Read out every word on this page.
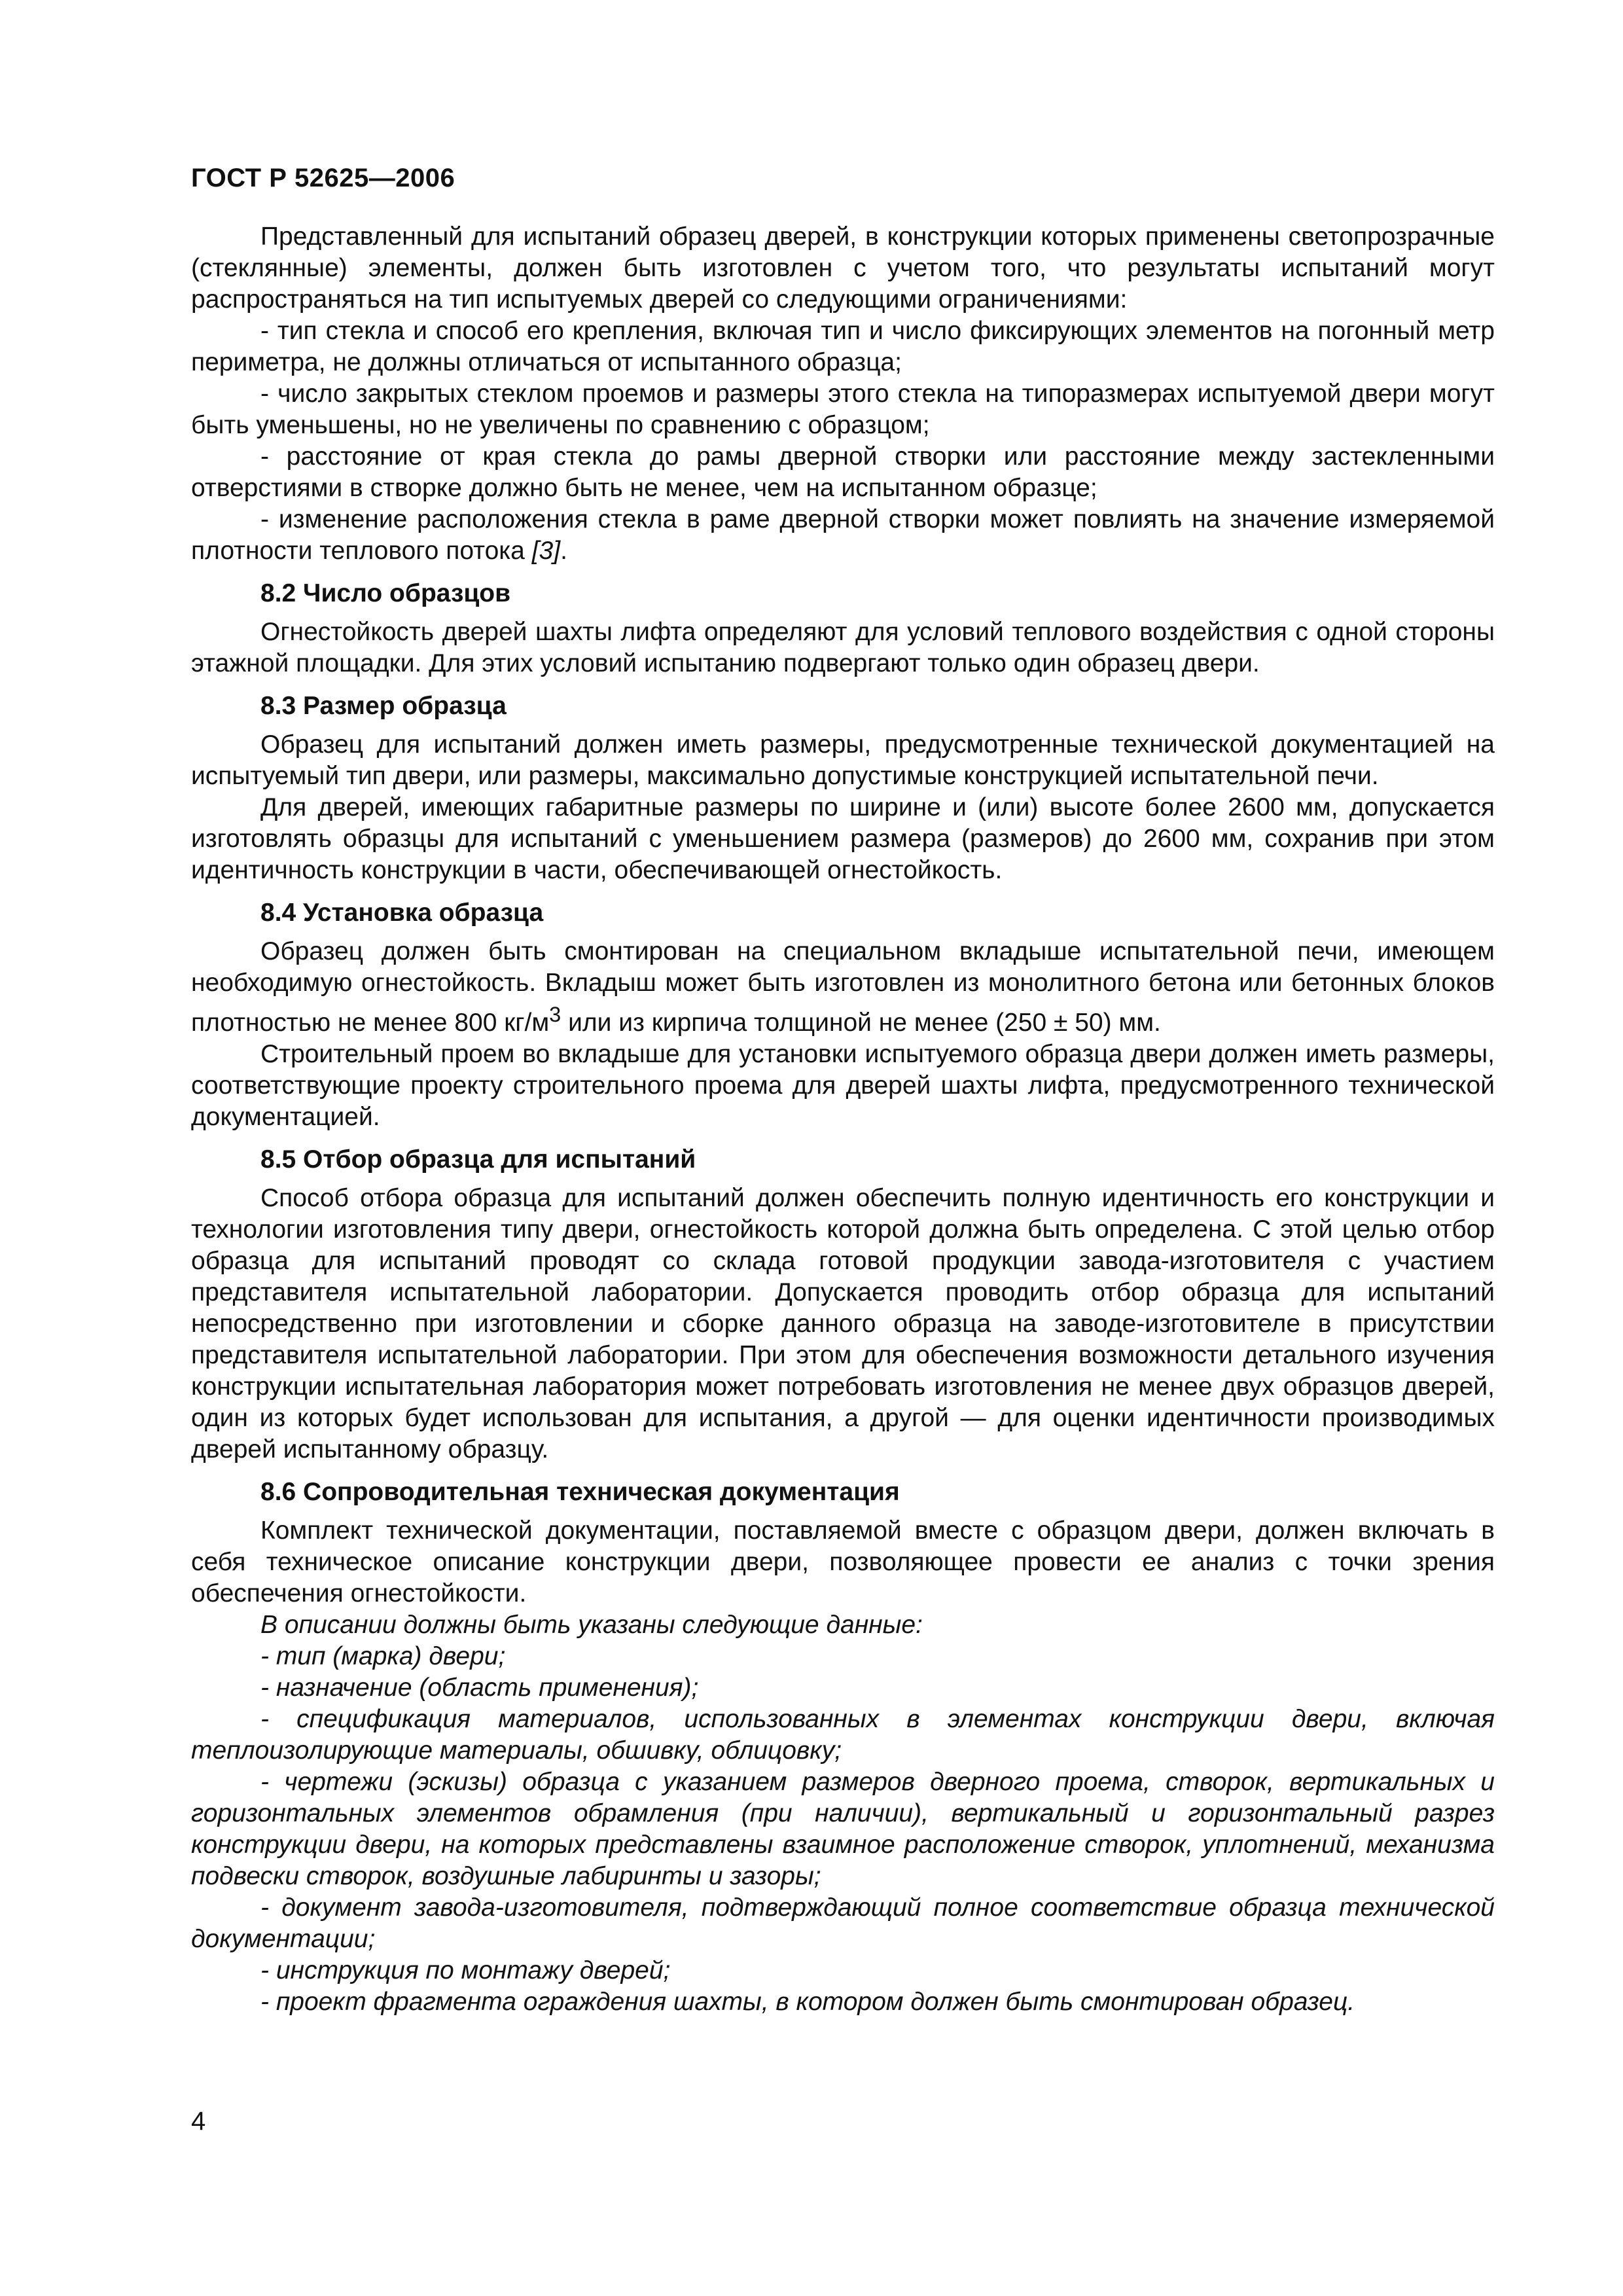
ГОСТ Р 52625—2006

Представленный для испытаний образец дверей, в конструкции которых применены светопрозрачные (стеклянные) элементы, должен быть изготовлен с учетом того, что результаты испытаний могут распространяться на тип испытуемых дверей со следующими ограничениями:

- тип стекла и способ его крепления, включая тип и число фиксирующих элементов на погонный метр периметра, не должны отличаться от испытанного образца;

- число закрытых стеклом проемов и размеры этого стекла на типоразмерах испытуемой двери могут быть уменьшены, но не увеличены по сравнению с образцом;

- расстояние от края стекла до рамы дверной створки или расстояние между застекленными отверстиями в створке должно быть не менее, чем на испытанном образце;

- изменение расположения стекла в раме дверной створки может повлиять на значение измеряемой плотности теплового потока [3].

8.2 Число образцов

Огнестойкость дверей шахты лифта определяют для условий теплового воздействия с одной стороны этажной площадки. Для этих условий испытанию подвергают только один образец двери.

8.3 Размер образца

Образец для испытаний должен иметь размеры, предусмотренные технической документацией на испытуемый тип двери, или размеры, максимально допустимые конструкцией испытательной печи.

Для дверей, имеющих габаритные размеры по ширине и (или) высоте более 2600 мм, допускается изготовлять образцы для испытаний с уменьшением размера (размеров) до 2600 мм, сохранив при этом идентичность конструкции в части, обеспечивающей огнестойкость.

8.4 Установка образца

Образец должен быть смонтирован на специальном вкладыше испытательной печи, имеющем необходимую огнестойкость. Вкладыш может быть изготовлен из монолитного бетона или бетонных блоков плотностью не менее 800 $кг/м^3$ или из кирпича толщиной не менее (250 ± 50) мм.

Строительный проем во вкладыше для установки испытуемого образца двери должен иметь размеры, соответствующие проекту строительного проема для дверей шахты лифта, предусмотренного технической документацией.

8.5 Отбор образца для испытаний

Способ отбора образца для испытаний должен обеспечить полную идентичность его конструкции и технологии изготовления типу двери, огнестойкость которой должна быть определена. С этой целью отбор образца для испытаний проводят со склада готовой продукции завода-изготовителя с участием представителя испытательной лаборатории. Допускается проводить отбор образца для испытаний непосредственно при изготовлении и сборке данного образца на заводе-изготовителе в присутствии представителя испытательной лаборатории. При этом для обеспечения возможности детального изучения конструкции испытательная лаборатория может потребовать изготовления не менее двух образцов дверей, один из которых будет использован для испытания, а другой — для оценки идентичности производимых дверей испытанному образцу.

8.6 Сопроводительная техническая документация

Комплект технической документации, поставляемой вместе с образцом двери, должен включать в себя техническое описание конструкции двери, позволяющее провести ее анализ с точки зрения обеспечения огнестойкости.

В описании должны быть указаны следующие данные:

- тип (марка) двери;

- назначение (область применения);

- спецификация материалов, использованных в элементах конструкции двери, включая теплоизолирующие материалы, обшивку, облицовку;

- чертежи (эскизы) образца с указанием размеров дверного проема, створок, вертикальных и горизонтальных элементов обрамления (при наличии), вертикальный и горизонтальный разрез конструкции двери, на которых представлены взаимное расположение створок, уплотнений, механизма подвески створок, воздушные лабиринты и зазоры;

- документ завода-изготовителя, подтверждающий полное соответствие образца технической документации;

- инструкция по монтажу дверей;

- проект фрагмента ограждения шахты, в котором должен быть смонтирован образец.

4
